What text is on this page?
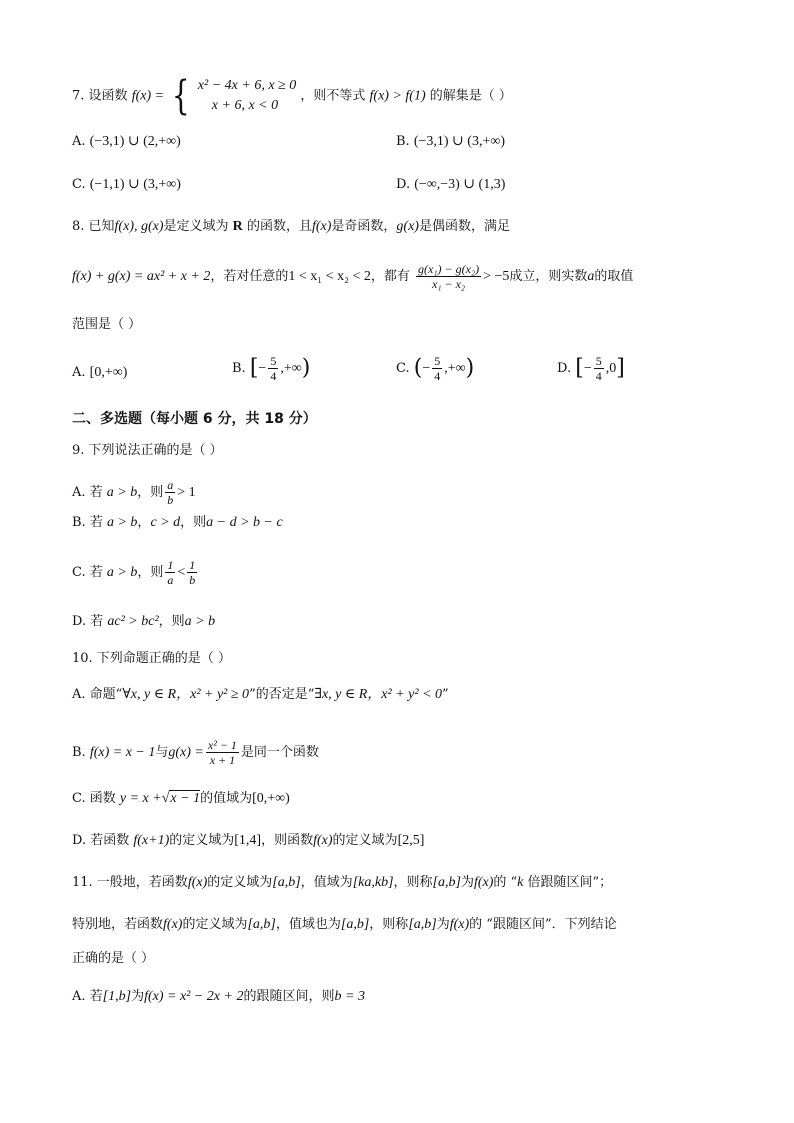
7. 设函数 f(x) = { x² − 4x + 6, x ≥ 0
x + 6, x < 0
，则不等式 f(x) > f(1) 的解集是（ ）
A. (−3,1) ∪ (2,+∞)	B. (−3,1) ∪ (3,+∞)
C. (−1,1) ∪ (3,+∞)	D. (−∞,−3) ∪ (1,3)
8. 已知f(x), g(x)是定义域为 R 的函数，且f(x)是奇函数，g(x)是偶函数，满足
f(x) + g(x) = ax² + x + 2，若对任意的1 < x₁ < x₂ < 2，都有 $\frac{\text{g(x₁) − g(x₂)}}{\text{x₁ − x₂}} > -5$成立，则实数a的取值
范围是（ ）
A. [0,+∞)	B. [− $\frac{5}{4}$ ,+∞)	C. (− $\frac{5}{4}$ ,+∞)	D. [− $\frac{5}{4} ,0$]
二、多选题（每小题 6 分，共 18 分）
9. 下列说法正确的是（ ）
A. 若 a > b，则 $\frac{a}{b} > 1$
B. 若 a > b，c > d，则a − d > b − c
C. 若 a > b，则 $\frac{1}{a} < \frac{1}{b}$
D. 若 ac² > bc²，则a > b
10. 下列命题正确的是（ ）
A. 命题“∀x, y ∈ R，x² + y² ≥ 0”的否定是“∃x, y ∈ R，x² + y² < 0”
B. f(x) = x − 1与$g(x) = \frac{\text{x² − 1}}{x + 1}$ 是同一个函数
C. 函数 y = x +√x − 1的值域为[0,+∞)
D. 若函数 f(x+1)的定义域为[1,4]，则函数f(x)的定义域为[2,5]
11. 一般地，若函数f(x)的定义域为[a,b]，值域为[ka,kb]，则称[a,b]为f(x)的 “k 倍跟随区间”；
特别地，若函数f(x)的定义域为[a,b]，值域也为[a,b]，则称[a,b]为f(x)的 “跟随区间”．下列结论
正确的是（ ）
A. 若[1,b]为f(x) = x² − 2x + 2的跟随区间，则b = 3
